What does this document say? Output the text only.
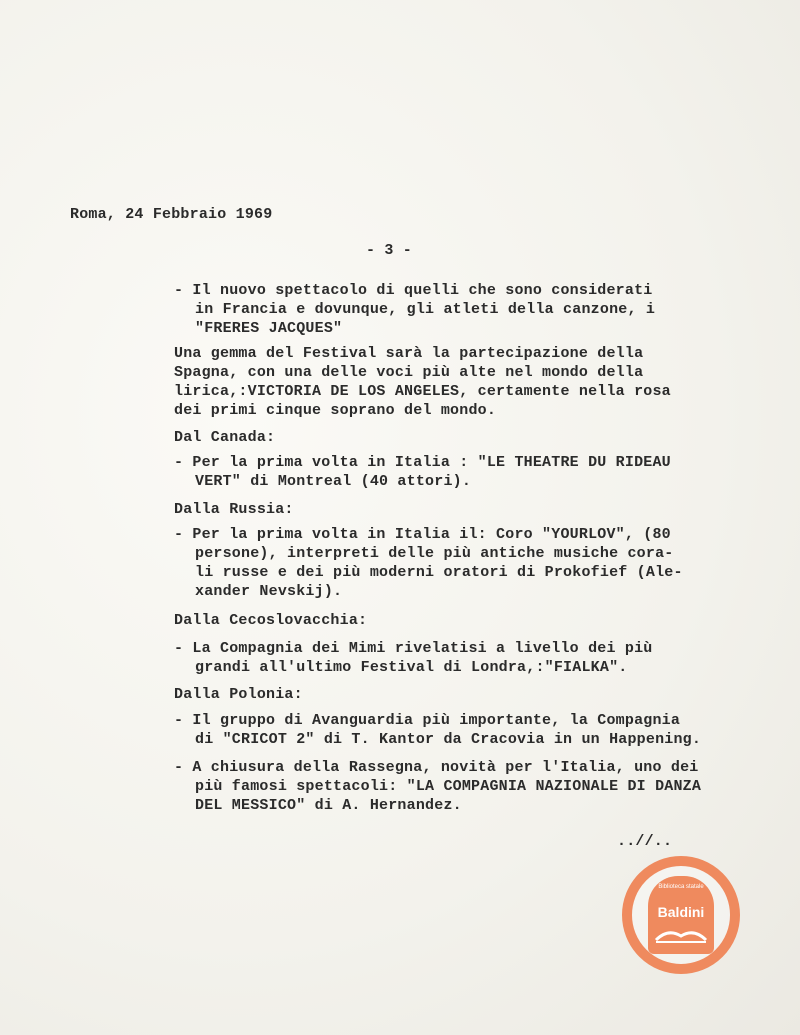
Roma, 24 Febbraio 1969
- 3 -
- Il nuovo spettacolo di quelli che sono considerati
in Francia e dovunque, gli atleti della canzone, i
"FRERES JACQUES"
Una gemma del Festival sarà la partecipazione della
Spagna, con una delle voci più alte nel mondo della
lirica,:VICTORIA DE LOS ANGELES, certamente nella rosa
dei primi cinque soprano del mondo.
Dal Canada:
- Per la prima volta in Italia : "LE THEATRE DU RIDEAU
VERT" di Montreal (40 attori).
Dalla Russia:
- Per la prima volta in Italia il: Coro "YOURLOV", (80
persone), interpreti delle più antiche musiche cora-
li russe e dei più moderni oratori di Prokofief (Ale-
xander Nevskij).
Dalla Cecoslovacchia:
- La Compagnia dei Mimi rivelatisi a livello dei più
grandi all'ultimo Festival di Londra,:"FIALKA".
Dalla Polonia:
- Il gruppo di Avanguardia più importante, la Compagnia
di "CRICOT 2" di T. Kantor da Cracovia in un Happening.
- A chiusura della Rassegna, novità per l'Italia, uno dei
più famosi spettacoli: "LA COMPAGNIA NAZIONALE DI DANZA
DEL MESSICO" di A. Hernandez.
..//..
Biblioteca statale
Baldini
